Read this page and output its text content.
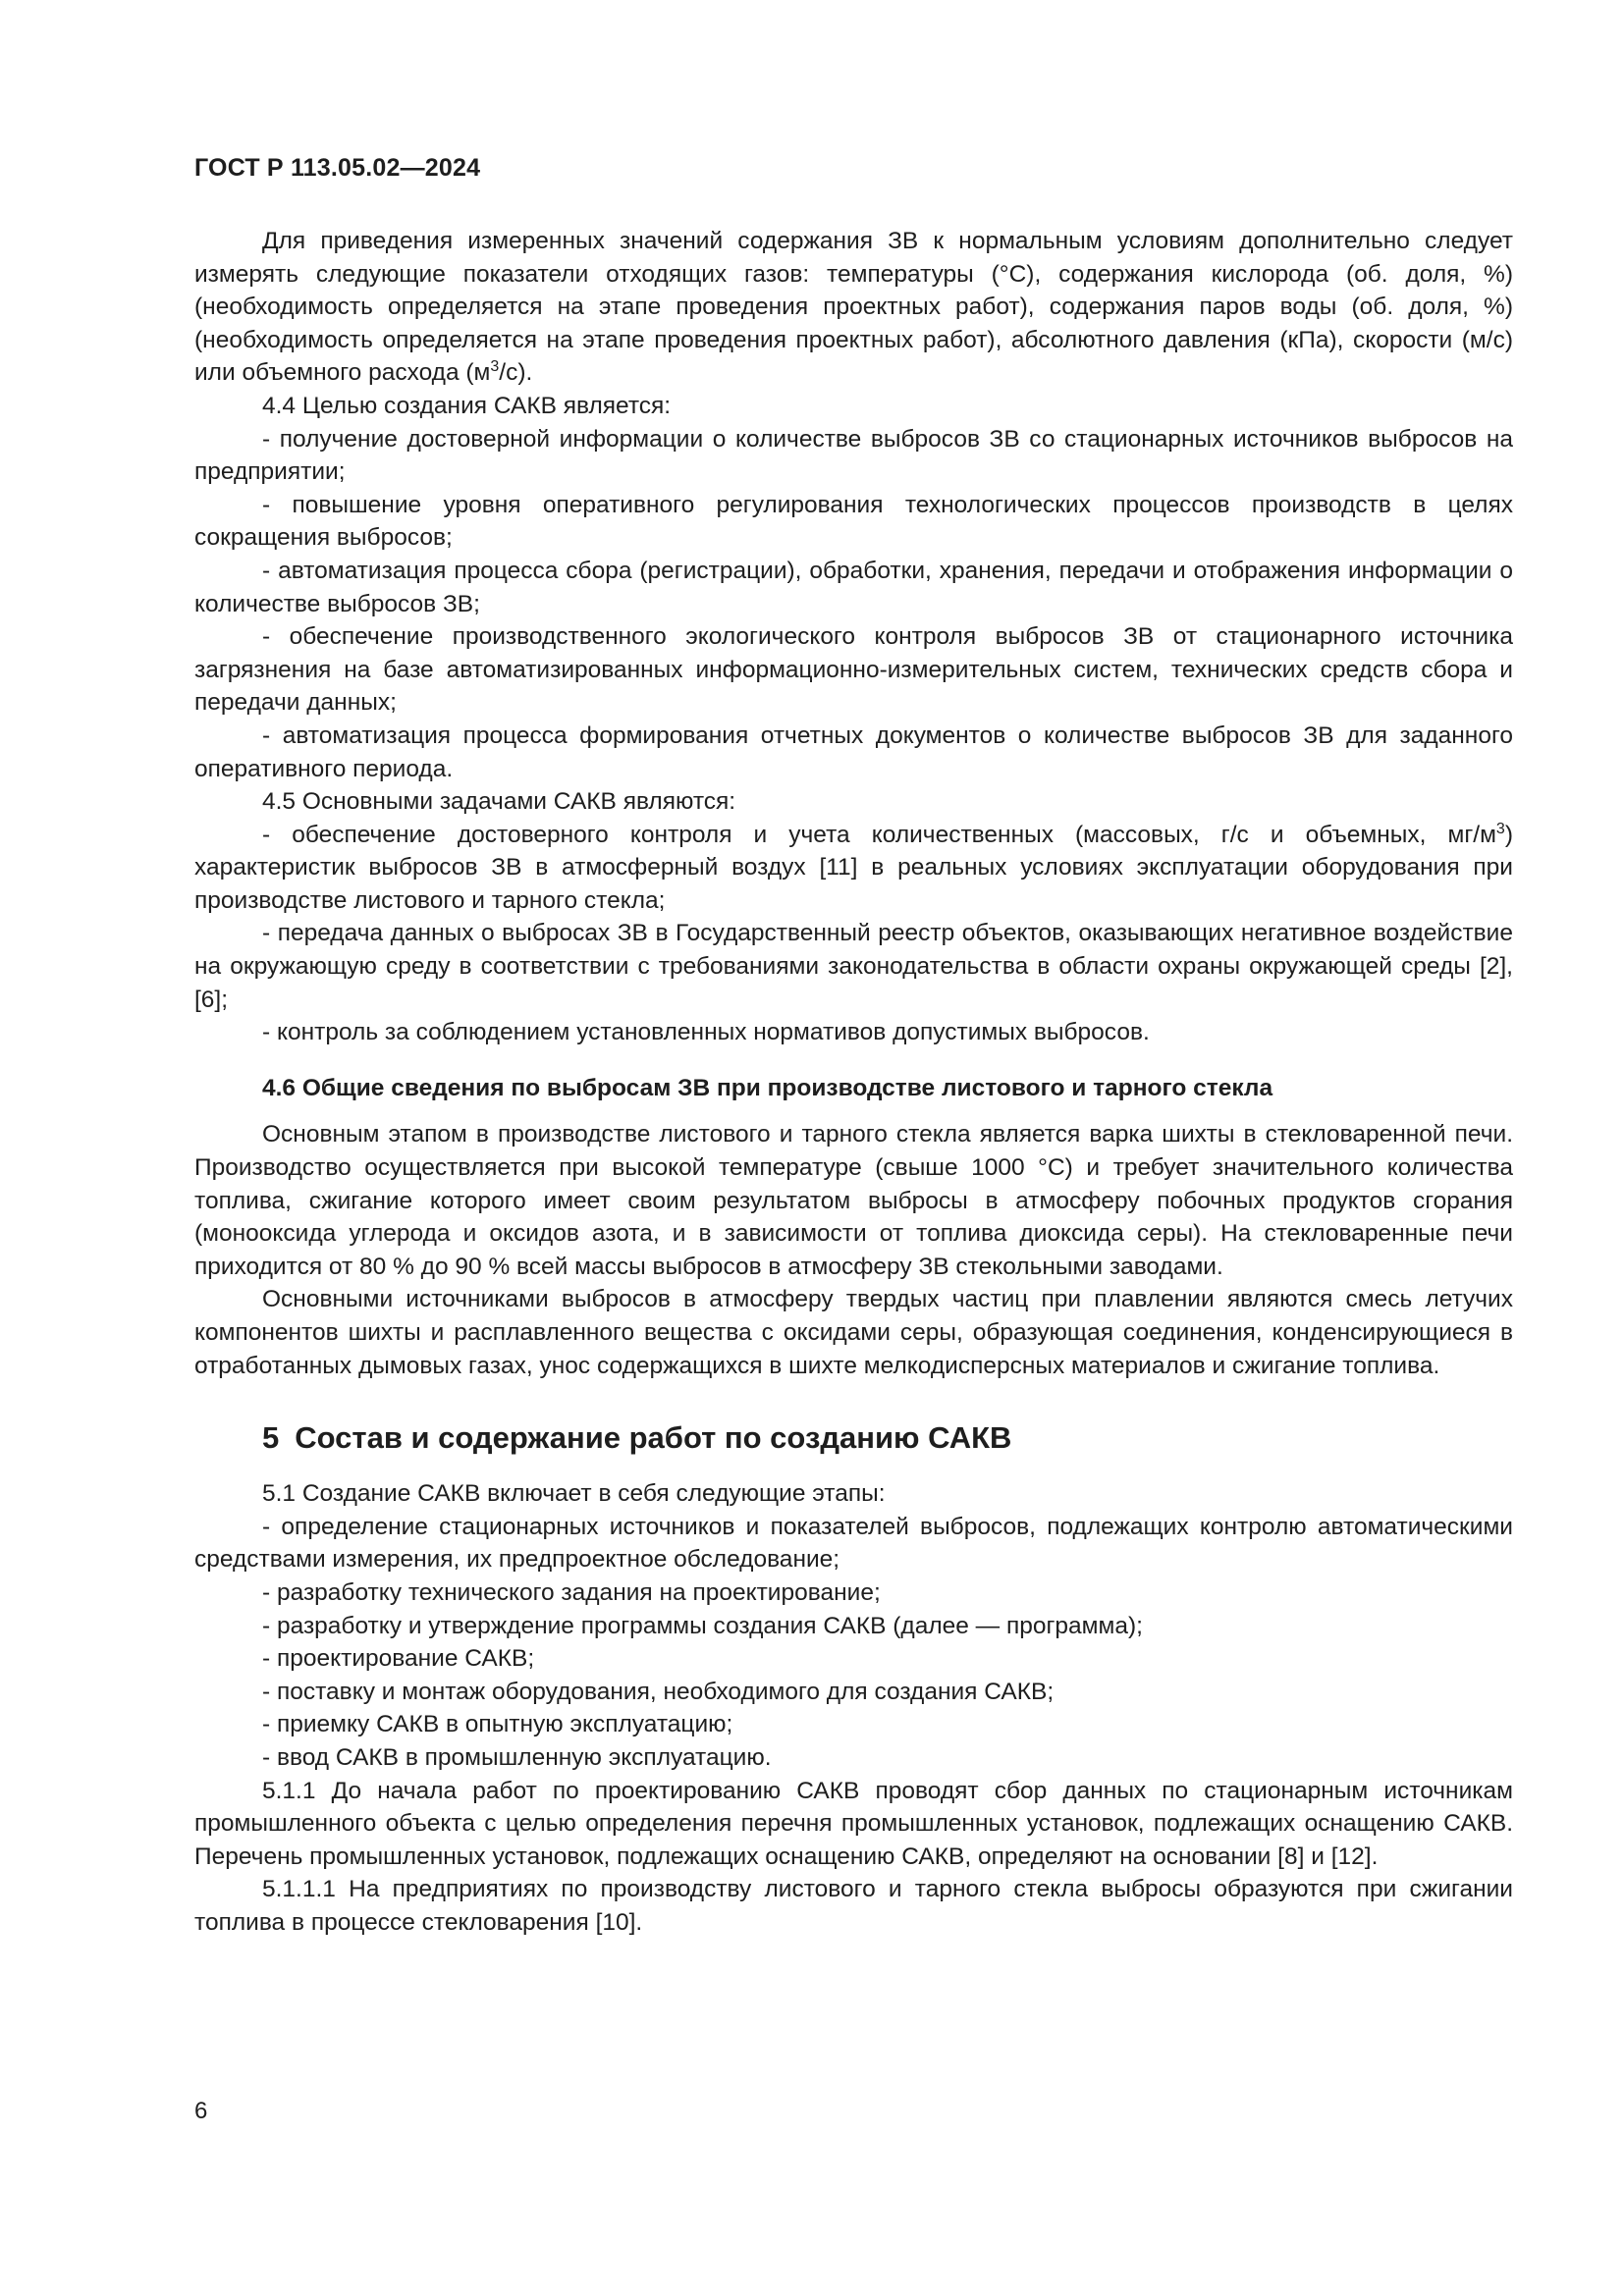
ГОСТ Р 113.05.02—2024

Для приведения измеренных значений содержания ЗВ к нормальным условиям дополнительно следует измерять следующие показатели отходящих газов: температуры (°C), содержания кислорода (об. доля, %) (необходимость определяется на этапе проведения проектных работ), содержания паров воды (об. доля, %) (необходимость определяется на этапе проведения проектных работ), абсолютного давления (кПа), скорости (м/с) или объемного расхода $(м^3/с)$.

4.4 Целью создания САКВ является:

- получение достоверной информации о количестве выбросов ЗВ со стационарных источников выбросов на предприятии;

- повышение уровня оперативного регулирования технологических процессов производств в целях сокращения выбросов;

- автоматизация процесса сбора (регистрации), обработки, хранения, передачи и отображения информации о количестве выбросов ЗВ;

- обеспечение производственного экологического контроля выбросов ЗВ от стационарного источника загрязнения на базе автоматизированных информационно-измерительных систем, технических средств сбора и передачи данных;

- автоматизация процесса формирования отчетных документов о количестве выбросов ЗВ для заданного оперативного периода.

4.5 Основными задачами САКВ являются:

- обеспечение достоверного контроля и учета количественных (массовых, г/с и объемных, $мг/м^3$) характеристик выбросов ЗВ в атмосферный воздух [11] в реальных условиях эксплуатации оборудования при производстве листового и тарного стекла;

- передача данных о выбросах ЗВ в Государственный реестр объектов, оказывающих негативное воздействие на окружающую среду в соответствии с требованиями законодательства в области охраны окружающей среды [2], [6];

- контроль за соблюдением установленных нормативов допустимых выбросов.

4.6 Общие сведения по выбросам ЗВ при производстве листового и тарного стекла

Основным этапом в производстве листового и тарного стекла является варка шихты в стекловаренной печи. Производство осуществляется при высокой температуре (свыше 1000 °С) и требует значительного количества топлива, сжигание которого имеет своим результатом выбросы в атмосферу побочных продуктов сгорания (монооксида углерода и оксидов азота, и в зависимости от топлива диоксида серы). На стекловаренные печи приходится от 80 % до 90 % всей массы выбросов в атмосферу ЗВ стекольными заводами.

Основными источниками выбросов в атмосферу твердых частиц при плавлении являются смесь летучих компонентов шихты и расплавленного вещества с оксидами серы, образующая соединения, конденсирующиеся в отработанных дымовых газах, унос содержащихся в шихте мелкодисперсных материалов и сжигание топлива.

5 Состав и содержание работ по созданию САКВ

5.1 Создание САКВ включает в себя следующие этапы:

- определение стационарных источников и показателей выбросов, подлежащих контролю автоматическими средствами измерения, их предпроектное обследование;

- разработку технического задания на проектирование;

- разработку и утверждение программы создания САКВ (далее — программа);

- проектирование САКВ;

- поставку и монтаж оборудования, необходимого для создания САКВ;

- приемку САКВ в опытную эксплуатацию;

- ввод САКВ в промышленную эксплуатацию.

5.1.1 До начала работ по проектированию САКВ проводят сбор данных по стационарным источникам промышленного объекта с целью определения перечня промышленных установок, подлежащих оснащению САКВ. Перечень промышленных установок, подлежащих оснащению САКВ, определяют на основании [8] и [12].

5.1.1.1 На предприятиях по производству листового и тарного стекла выбросы образуются при сжигании топлива в процессе стекловарения [10].

6
